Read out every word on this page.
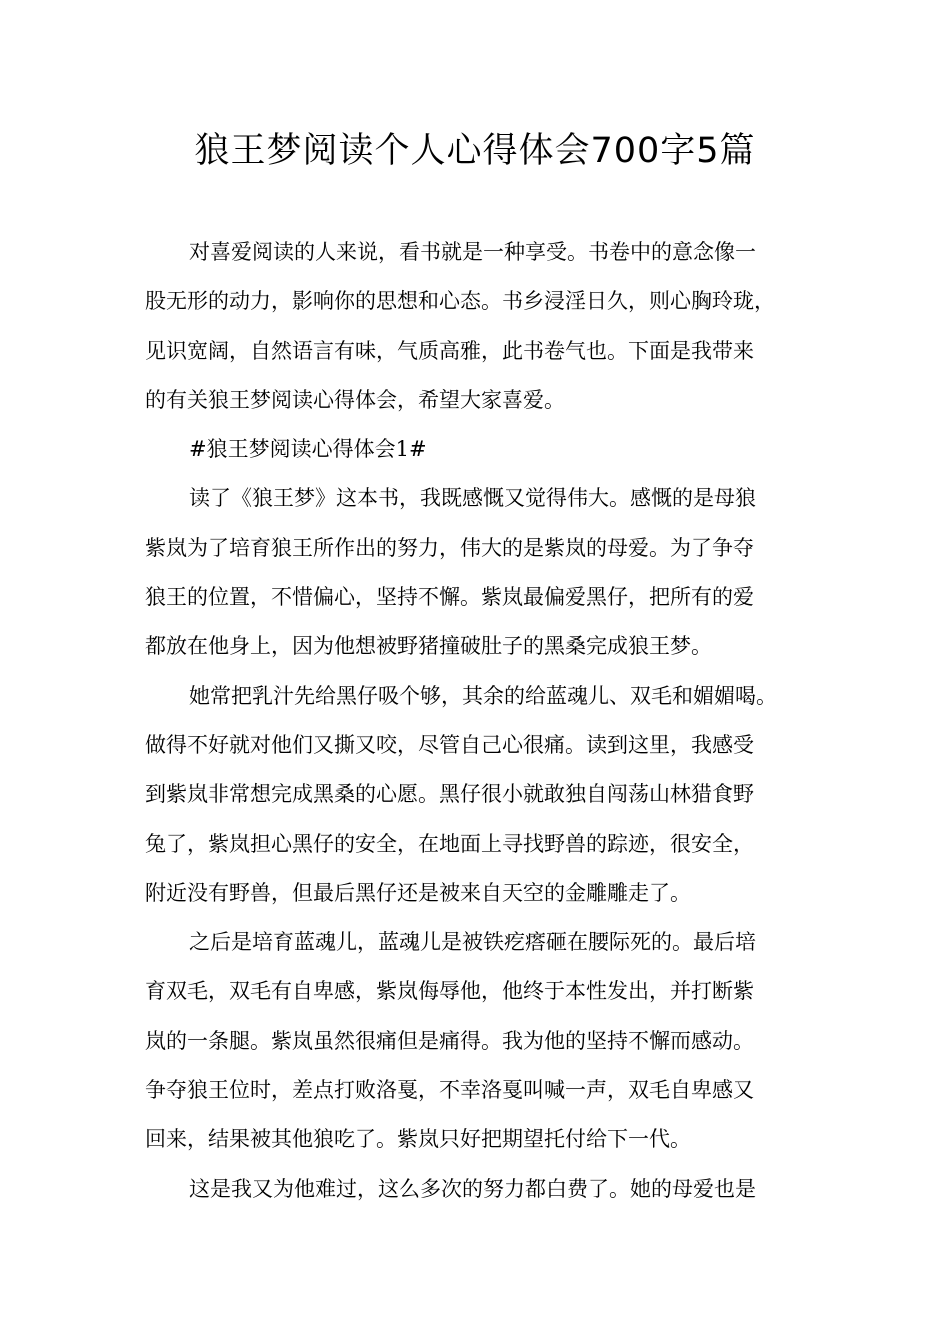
狼王梦阅读个人心得体会700字5篇
对喜爱阅读的人来说，看书就是一种享受。书卷中的意念像一
股无形的动力，影响你的思想和心态。书乡浸淫日久，则心胸玲珑，
见识宽阔，自然语言有味，气质高雅，此书卷气也。下面是我带来
的有关狼王梦阅读心得体会，希望大家喜爱。
#狼王梦阅读心得体会1#
读了《狼王梦》这本书，我既感慨又觉得伟大。感慨的是母狼
紫岚为了培育狼王所作出的努力，伟大的是紫岚的母爱。为了争夺
狼王的位置，不惜偏心，坚持不懈。紫岚最偏爱黑仔，把所有的爱
都放在他身上，因为他想被野猪撞破肚子的黑桑完成狼王梦。
她常把乳汁先给黑仔吸个够，其余的给蓝魂儿、双毛和媚媚喝。
做得不好就对他们又撕又咬，尽管自己心很痛。读到这里，我感受
到紫岚非常想完成黑桑的心愿。黑仔很小就敢独自闯荡山林猎食野
兔了，紫岚担心黑仔的安全，在地面上寻找野兽的踪迹，很安全，
附近没有野兽，但最后黑仔还是被来自天空的金雕雕走了。
之后是培育蓝魂儿，蓝魂儿是被铁疙瘩砸在腰际死的。最后培
育双毛，双毛有自卑感，紫岚侮辱他，他终于本性发出，并打断紫
岚的一条腿。紫岚虽然很痛但是痛得。我为他的坚持不懈而感动。
争夺狼王位时，差点打败洛戛，不幸洛戛叫喊一声，双毛自卑感又
回来，结果被其他狼吃了。紫岚只好把期望托付给下一代。
这是我又为他难过，这么多次的努力都白费了。她的母爱也是
